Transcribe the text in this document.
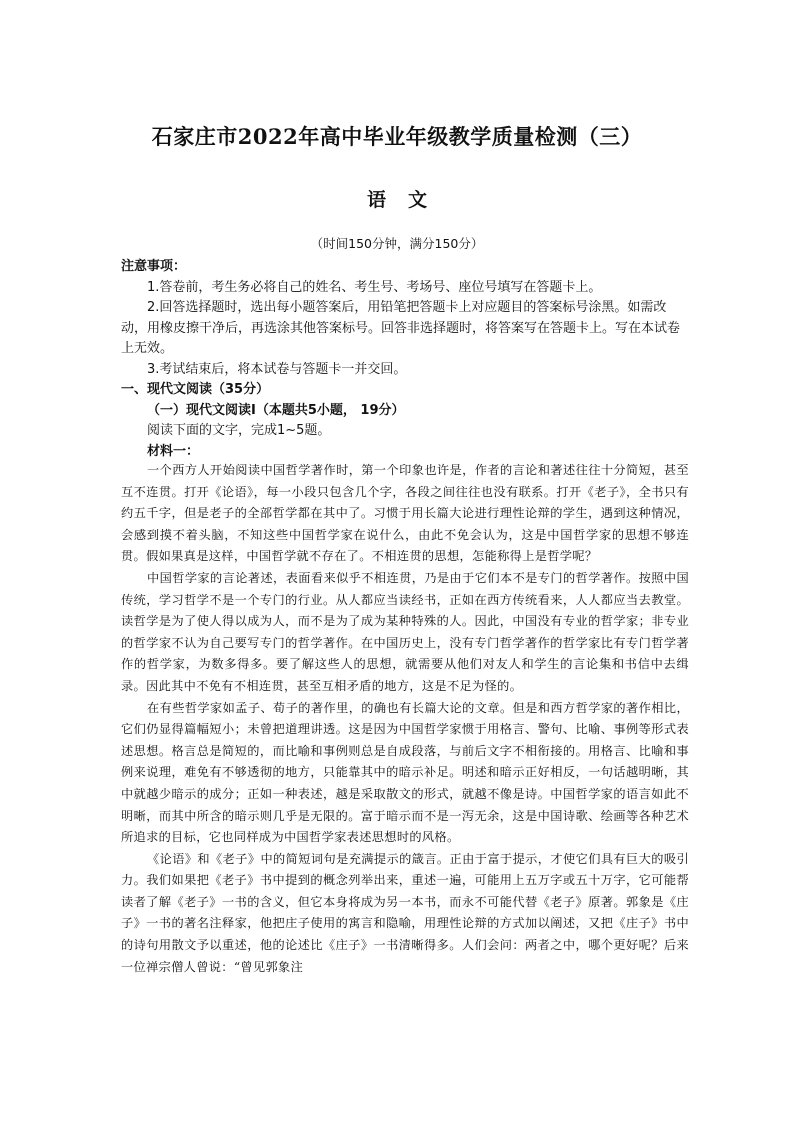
石家庄市2022年高中毕业年级教学质量检测（三）
语文
（时间150分钟，满分150分）

注意事项：

1.答卷前，考生务必将自己的姓名、考生号、考场号、座位号填写在答题卡上。

2.回答选择题时，选出每小题答案后，用铅笔把答题卡上对应题目的答案标号涂黑。如需改动，用橡皮擦干净后，再选涂其他答案标号。回答非选择题时，将答案写在答题卡上。写在本试卷上无效。

3.考试结束后，将本试卷与答题卡一并交回。

一、现代文阅读（35分）

（一）现代文阅读Ⅰ（本题共5小题， 19分）

阅读下面的文字，完成1~5题。

材料一：

一个西方人开始阅读中国哲学著作时，第一个印象也许是，作者的言论和著述往往十分简短，甚至互不连贯。打开《论语》，每一小段只包含几个字，各段之间往往也没有联系。打开《老子》，全书只有约五千字，但是老子的全部哲学都在其中了。习惯于用长篇大论进行理性论辩的学生，遇到这种情况，会感到摸不着头脑，不知这些中国哲学家在说什么，由此不免会认为，这是中国哲学家的思想不够连贯。假如果真是这样，中国哲学就不存在了。不相连贯的思想，怎能称得上是哲学呢？

中国哲学家的言论著述，表面看来似乎不相连贯，乃是由于它们本不是专门的哲学著作。按照中国传统，学习哲学不是一个专门的行业。从人都应当读经书，正如在西方传统看来，人人都应当去教堂。读哲学是为了使人得以成为人，而不是为了成为某种特殊的人。因此，中国没有专业的哲学家；非专业的哲学家不认为自己要写专门的哲学著作。在中国历史上，没有专门哲学著作的哲学家比有专门哲学著作的哲学家，为数多得多。要了解这些人的思想，就需要从他们对友人和学生的言论集和书信中去缉录。因此其中不免有不相连贯，甚至互相矛盾的地方，这是不足为怪的。

在有些哲学家如孟子、荀子的著作里，的确也有长篇大论的文章。但是和西方哲学家的著作相比，它们仍显得篇幅短小；未曾把道理讲透。这是因为中国哲学家惯于用格言、警句、比喻、事例等形式表述思想。格言总是简短的，而比喻和事例则总是自成段落，与前后文字不相衔接的。用格言、比喻和事例来说理，难免有不够透彻的地方，只能靠其中的暗示补足。明述和暗示正好相反，一句话越明晰，其中就越少暗示的成分；正如一种表述，越是采取散文的形式，就越不像是诗。中国哲学家的语言如此不明晰，而其中所含的暗示则几乎是无限的。富于暗示而不是一泻无余，这是中国诗歌、绘画等各种艺术所追求的目标，它也同样成为中国哲学家表述思想时的风格。

《论语》和《老子》中的简短词句是充满提示的箴言。正由于富于提示，才使它们具有巨大的吸引力。我们如果把《老子》书中提到的概念列举出来，重述一遍，可能用上五万字或五十万字，它可能帮读者了解《老子》一书的含义，但它本身将成为另一本书，而永不可能代替《老子》原著。郭象是《庄子》一书的著名注释家，他把庄子使用的寓言和隐喻，用理性论辩的方式加以阐述，又把《庄子》书中的诗句用散文予以重述，他的论述比《庄子》一书清晰得多。人们会问：两者之中，哪个更好呢？后来一位禅宗僧人曾说：“曾见郭象注
